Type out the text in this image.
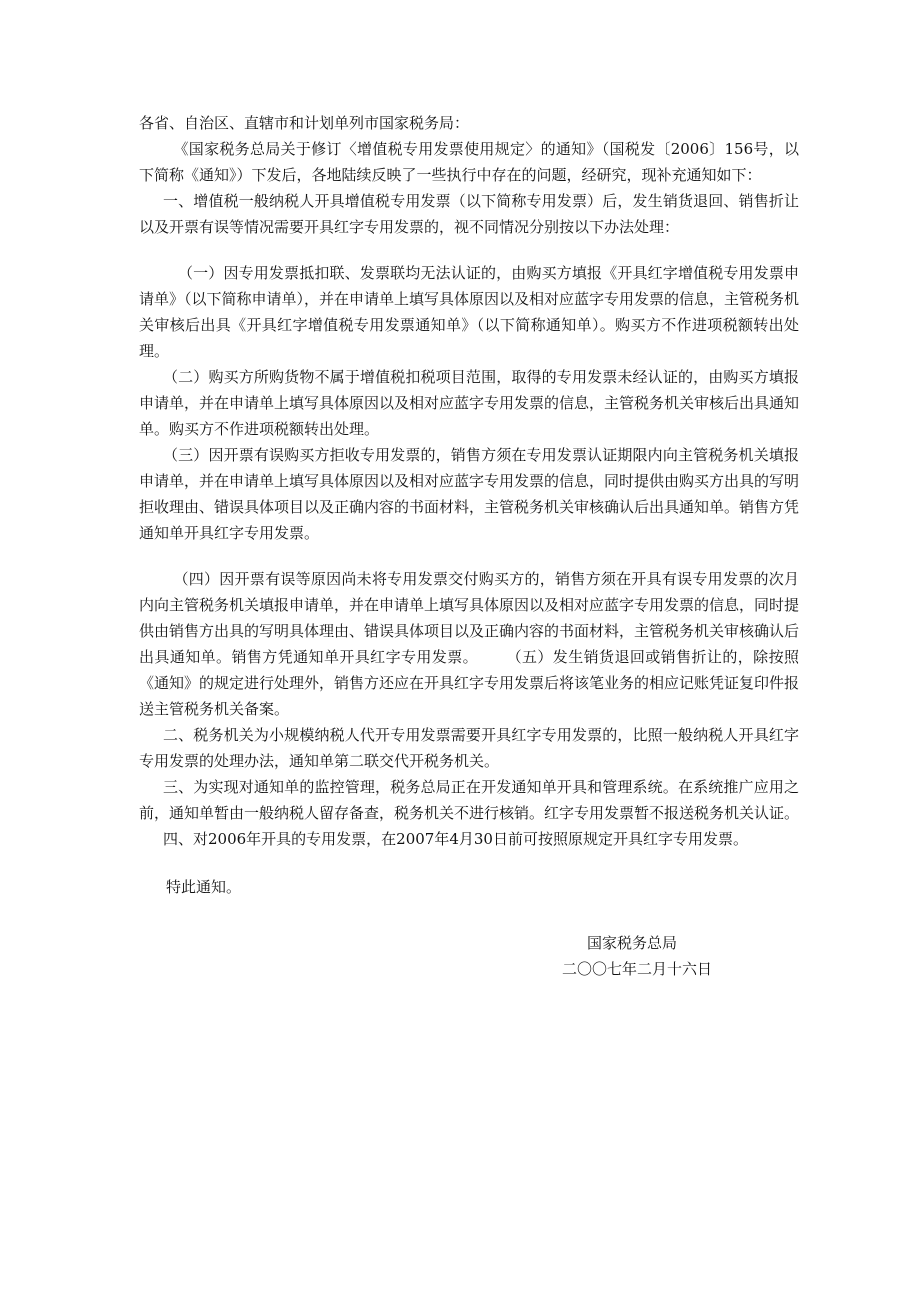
各省、自治区、直辖市和计划单列市国家税务局：

《国家税务总局关于修订〈增值税专用发票使用规定〉的通知》（国税发〔2006〕156号，以下简称《通知》）下发后，各地陆续反映了一些执行中存在的问题，经研究，现补充通知如下：

一、增值税一般纳税人开具增值税专用发票（以下简称专用发票）后，发生销货退回、销售折让以及开票有误等情况需要开具红字专用发票的，视不同情况分别按以下办法处理：

（一）因专用发票抵扣联、发票联均无法认证的，由购买方填报《开具红字增值税专用发票申请单》（以下简称申请单），并在申请单上填写具体原因以及相对应蓝字专用发票的信息，主管税务机关审核后出具《开具红字增值税专用发票通知单》（以下简称通知单）。购买方不作进项税额转出处理。

（二）购买方所购货物不属于增值税扣税项目范围，取得的专用发票未经认证的，由购买方填报申请单，并在申请单上填写具体原因以及相对应蓝字专用发票的信息，主管税务机关审核后出具通知单。购买方不作进项税额转出处理。

（三）因开票有误购买方拒收专用发票的，销售方须在专用发票认证期限内向主管税务机关填报申请单，并在申请单上填写具体原因以及相对应蓝字专用发票的信息，同时提供由购买方出具的写明拒收理由、错误具体项目以及正确内容的书面材料，主管税务机关审核确认后出具通知单。销售方凭通知单开具红字专用发票。

（四）因开票有误等原因尚未将专用发票交付购买方的，销售方须在开具有误专用发票的次月内向主管税务机关填报申请单，并在申请单上填写具体原因以及相对应蓝字专用发票的信息，同时提供由销售方出具的写明具体理由、错误具体项目以及正确内容的书面材料，主管税务机关审核确认后出具通知单。销售方凭通知单开具红字专用发票。 （五）发生销货退回或销售折让的，除按照《通知》的规定进行处理外，销售方还应在开具红字专用发票后将该笔业务的相应记账凭证复印件报送主管税务机关备案。

二、税务机关为小规模纳税人代开专用发票需要开具红字专用发票的，比照一般纳税人开具红字专用发票的处理办法，通知单第二联交代开税务机关。

三、为实现对通知单的监控管理，税务总局正在开发通知单开具和管理系统。在系统推广应用之前，通知单暂由一般纳税人留存备查，税务机关不进行核销。红字专用发票暂不报送税务机关认证。

四、对2006年开具的专用发票，在2007年4月30日前可按照原规定开具红字专用发票。

特此通知。

国家税务总局
二〇〇七年二月十六日
